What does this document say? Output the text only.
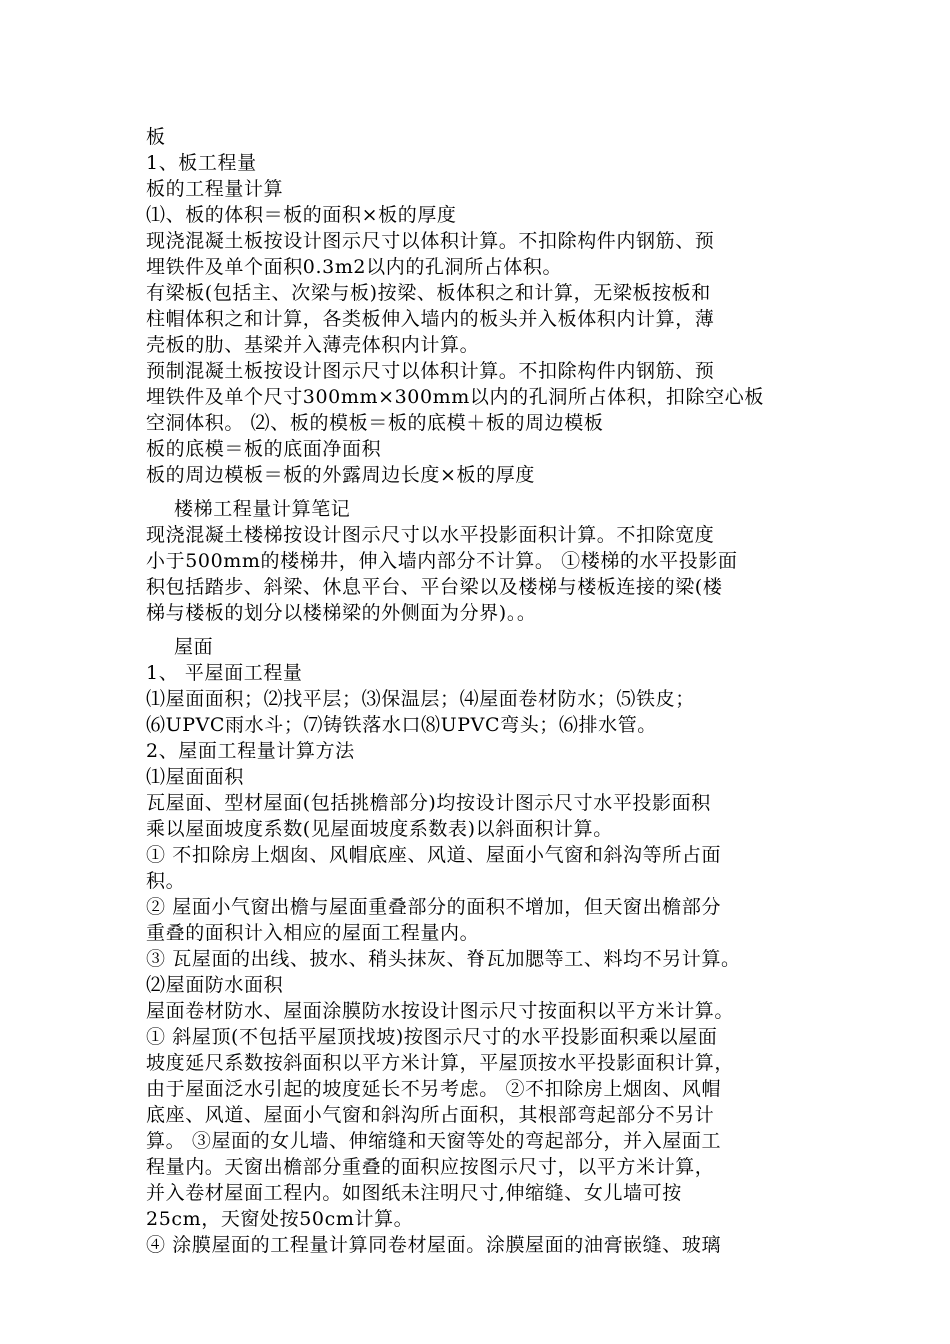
板
1、板工程量
板的工程量计算
⑴、板的体积＝板的面积×板的厚度
现浇混凝土板按设计图示尺寸以体积计算。不扣除构件内钢筋、预
埋铁件及单个面积0.3m2以内的孔洞所占体积。
有梁板(包括主、次梁与板)按梁、板体积之和计算，无梁板按板和
柱帽体积之和计算，各类板伸入墙内的板头并入板体积内计算，薄
壳板的肋、基梁并入薄壳体积内计算。
预制混凝土板按设计图示尺寸以体积计算。不扣除构件内钢筋、预
埋铁件及单个尺寸300mm×300mm以内的孔洞所占体积，扣除空心板
空洞体积。 ⑵、板的模板＝板的底模＋板的周边模板
板的底模＝板的底面净面积
板的周边模板＝板的外露周边长度×板的厚度
楼梯工程量计算笔记
现浇混凝土楼梯按设计图示尺寸以水平投影面积计算。不扣除宽度
小于500mm的楼梯井，伸入墙内部分不计算。 ①楼梯的水平投影面
积包括踏步、斜梁、休息平台、平台梁以及楼梯与楼板连接的梁(楼
梯与楼板的划分以楼梯梁的外侧面为分界)。。
屋面
1、 平屋面工程量
⑴屋面面积；⑵找平层；⑶保温层；⑷屋面卷材防水；⑸铁皮；
⑹UPVC雨水斗；⑺铸铁落水口⑻UPVC弯头；⑹排水管。
2、屋面工程量计算方法
⑴屋面面积
瓦屋面、型材屋面(包括挑檐部分)均按设计图示尺寸水平投影面积
乘以屋面坡度系数(见屋面坡度系数表)以斜面积计算。
① 不扣除房上烟囱、风帽底座、风道、屋面小气窗和斜沟等所占面
积。
② 屋面小气窗出檐与屋面重叠部分的面积不增加，但天窗出檐部分
重叠的面积计入相应的屋面工程量内。
③ 瓦屋面的出线、披水、稍头抹灰、脊瓦加腮等工、料均不另计算。
⑵屋面防水面积
屋面卷材防水、屋面涂膜防水按设计图示尺寸按面积以平方米计算。
① 斜屋顶(不包括平屋顶找坡)按图示尺寸的水平投影面积乘以屋面
坡度延尺系数按斜面积以平方米计算，平屋顶按水平投影面积计算，
由于屋面泛水引起的坡度延长不另考虑。 ②不扣除房上烟囱、风帽
底座、风道、屋面小气窗和斜沟所占面积，其根部弯起部分不另计
算。 ③屋面的女儿墙、伸缩缝和天窗等处的弯起部分，并入屋面工
程量内。天窗出檐部分重叠的面积应按图示尺寸，以平方米计算，
并入卷材屋面工程内。如图纸未注明尺寸,伸缩缝、女儿墙可按
25cm，天窗处按50cm计算。
④ 涂膜屋面的工程量计算同卷材屋面。涂膜屋面的油膏嵌缝、玻璃
